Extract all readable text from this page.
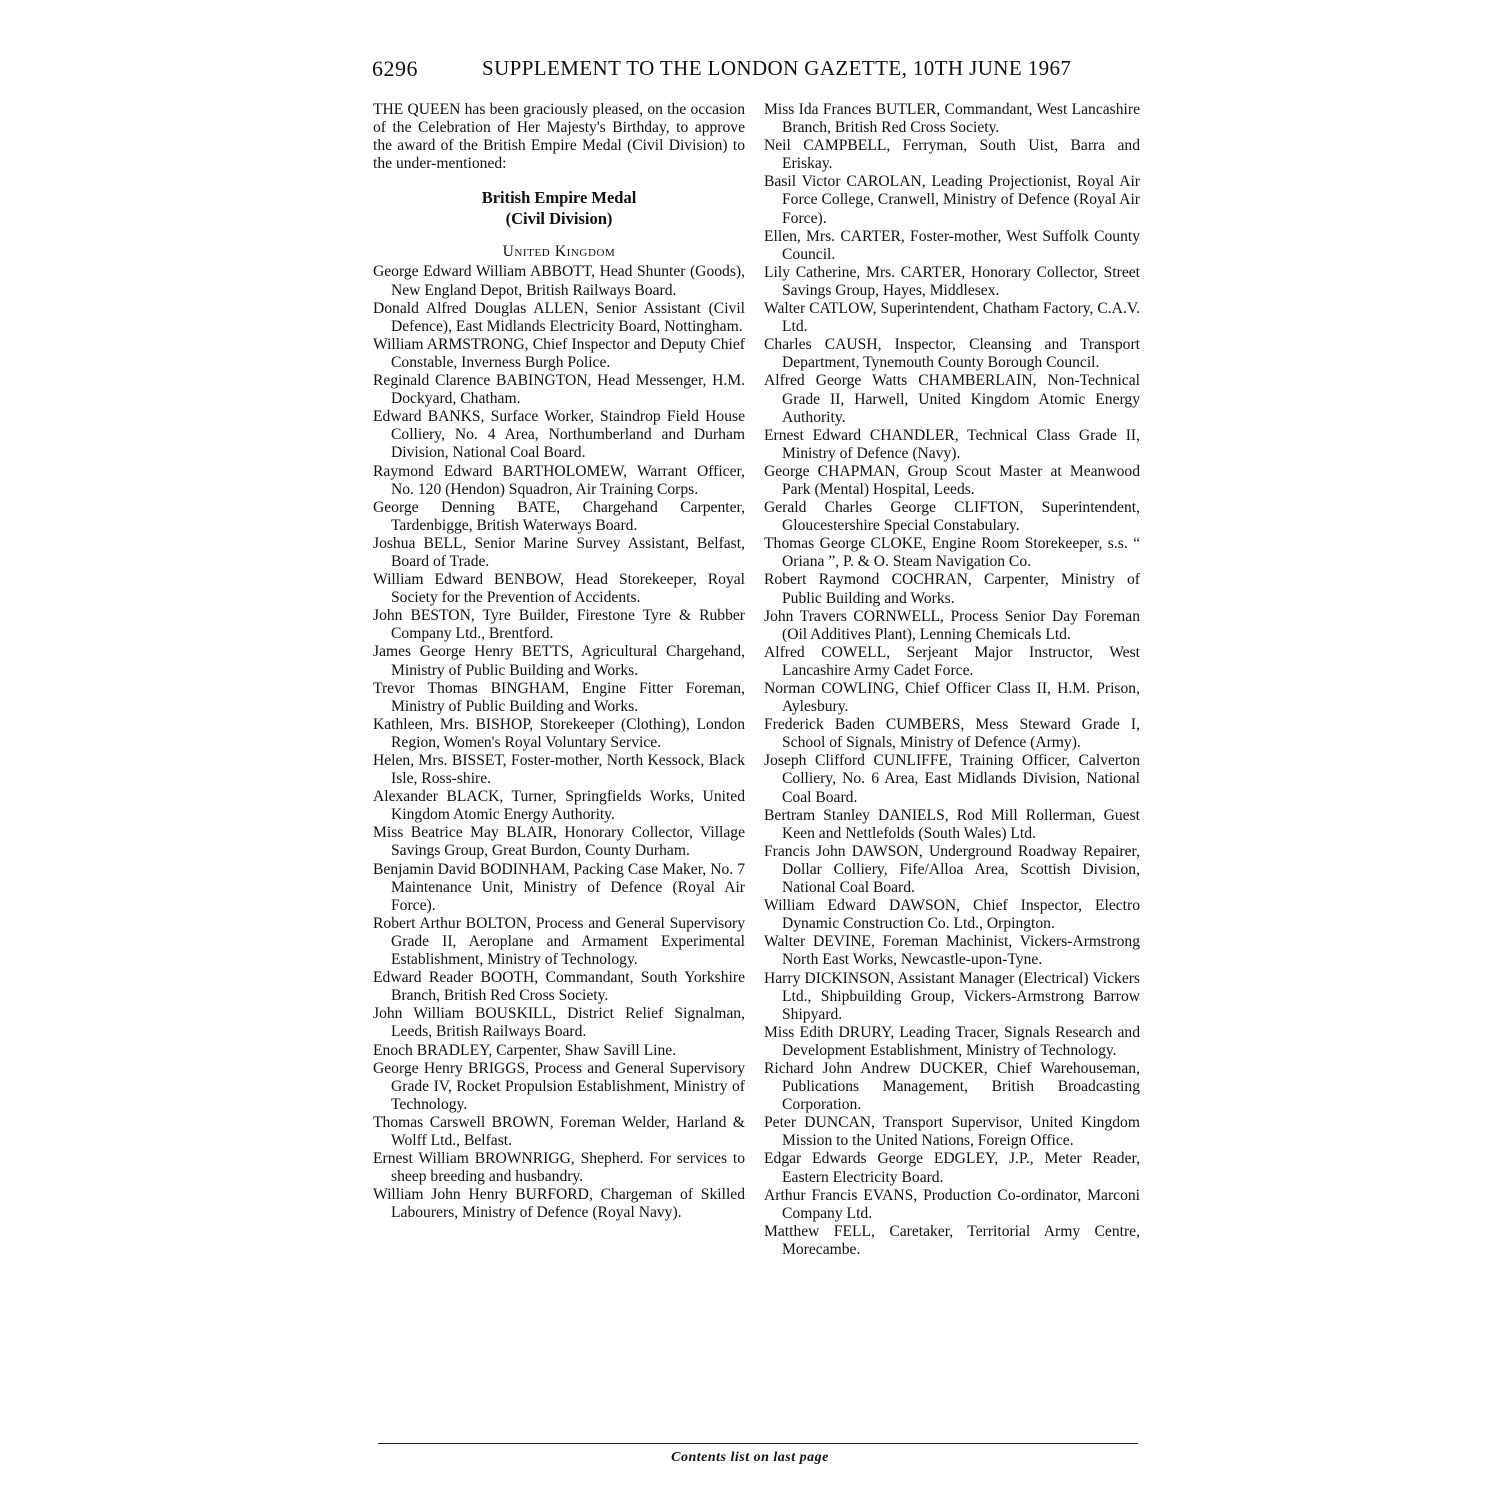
6296	SUPPLEMENT TO THE LONDON GAZETTE, 10TH JUNE 1967

THE QUEEN has been graciously pleased, on the occasion of the Celebration of Her Majesty's Birthday, to approve the award of the British Empire Medal (Civil Division) to the under-mentioned:

British Empire Medal
(Civil Division)
United Kingdom

George Edward William ABBOTT, Head Shunter (Goods), New England Depot, British Railways Board.

Donald Alfred Douglas ALLEN, Senior Assistant (Civil Defence), East Midlands Electricity Board, Nottingham.

William ARMSTRONG, Chief Inspector and Deputy Chief Constable, Inverness Burgh Police.

Reginald Clarence BABINGTON, Head Messenger, H.M. Dockyard, Chatham.

Edward BANKS, Surface Worker, Staindrop Field House Colliery, No. 4 Area, Northumberland and Durham Division, National Coal Board.

Raymond Edward BARTHOLOMEW, Warrant Officer, No. 120 (Hendon) Squadron, Air Training Corps.

George Denning BATE, Chargehand Carpenter, Tardenbigge, British Waterways Board.

Joshua BELL, Senior Marine Survey Assistant, Belfast, Board of Trade.

William Edward BENBOW, Head Storekeeper, Royal Society for the Prevention of Accidents.

John BESTON, Tyre Builder, Firestone Tyre & Rubber Company Ltd., Brentford.

James George Henry BETTS, Agricultural Chargehand, Ministry of Public Building and Works.

Trevor Thomas BINGHAM, Engine Fitter Foreman, Ministry of Public Building and Works.

Kathleen, Mrs. BISHOP, Storekeeper (Clothing), London Region, Women's Royal Voluntary Service.

Helen, Mrs. BISSET, Foster-mother, North Kessock, Black Isle, Ross-shire.

Alexander BLACK, Turner, Springfields Works, United Kingdom Atomic Energy Authority.

Miss Beatrice May BLAIR, Honorary Collector, Village Savings Group, Great Burdon, County Durham.

Benjamin David BODINHAM, Packing Case Maker, No. 7 Maintenance Unit, Ministry of Defence (Royal Air Force).

Robert Arthur BOLTON, Process and General Supervisory Grade II, Aeroplane and Armament Experimental Establishment, Ministry of Technology.

Edward Reader BOOTH, Commandant, South Yorkshire Branch, British Red Cross Society.

John William BOUSKILL, District Relief Signalman, Leeds, British Railways Board.

Enoch BRADLEY, Carpenter, Shaw Savill Line.

George Henry BRIGGS, Process and General Supervisory Grade IV, Rocket Propulsion Establishment, Ministry of Technology.

Thomas Carswell BROWN, Foreman Welder, Harland & Wolff Ltd., Belfast.

Ernest William BROWNRIGG, Shepherd. For services to sheep breeding and husbandry.

William John Henry BURFORD, Chargeman of Skilled Labourers, Ministry of Defence (Royal Navy).

Miss Ida Frances BUTLER, Commandant, West Lancashire Branch, British Red Cross Society.

Neil CAMPBELL, Ferryman, South Uist, Barra and Eriskay.

Basil Victor CAROLAN, Leading Projectionist, Royal Air Force College, Cranwell, Ministry of Defence (Royal Air Force).

Ellen, Mrs. CARTER, Foster-mother, West Suffolk County Council.

Lily Catherine, Mrs. CARTER, Honorary Collector, Street Savings Group, Hayes, Middlesex.

Walter CATLOW, Superintendent, Chatham Factory, C.A.V. Ltd.

Charles CAUSH, Inspector, Cleansing and Transport Department, Tynemouth County Borough Council.

Alfred George Watts CHAMBERLAIN, Non-Technical Grade II, Harwell, United Kingdom Atomic Energy Authority.

Ernest Edward CHANDLER, Technical Class Grade II, Ministry of Defence (Navy).

George CHAPMAN, Group Scout Master at Meanwood Park (Mental) Hospital, Leeds.

Gerald Charles George CLIFTON, Superintendent, Gloucestershire Special Constabulary.

Thomas George CLOKE, Engine Room Storekeeper, s.s. “ Oriana ”, P. & O. Steam Navigation Co.

Robert Raymond COCHRAN, Carpenter, Ministry of Public Building and Works.

John Travers CORNWELL, Process Senior Day Foreman (Oil Additives Plant), Lenning Chemicals Ltd.

Alfred COWELL, Serjeant Major Instructor, West Lancashire Army Cadet Force.

Norman COWLING, Chief Officer Class II, H.M. Prison, Aylesbury.

Frederick Baden CUMBERS, Mess Steward Grade I, School of Signals, Ministry of Defence (Army).

Joseph Clifford CUNLIFFE, Training Officer, Calverton Colliery, No. 6 Area, East Midlands Division, National Coal Board.

Bertram Stanley DANIELS, Rod Mill Rollerman, Guest Keen and Nettlefolds (South Wales) Ltd.

Francis John DAWSON, Underground Roadway Repairer, Dollar Colliery, Fife/Alloa Area, Scottish Division, National Coal Board.

William Edward DAWSON, Chief Inspector, Electro Dynamic Construction Co. Ltd., Orpington.

Walter DEVINE, Foreman Machinist, Vickers-Armstrong North East Works, Newcastle-upon-Tyne.

Harry DICKINSON, Assistant Manager (Electrical) Vickers Ltd., Shipbuilding Group, Vickers-Armstrong Barrow Shipyard.

Miss Edith DRURY, Leading Tracer, Signals Research and Development Establishment, Ministry of Technology.

Richard John Andrew DUCKER, Chief Warehouseman, Publications Management, British Broadcasting Corporation.

Peter DUNCAN, Transport Supervisor, United Kingdom Mission to the United Nations, Foreign Office.

Edgar Edwards George EDGLEY, J.P., Meter Reader, Eastern Electricity Board.

Arthur Francis EVANS, Production Co-ordinator, Marconi Company Ltd.

Matthew FELL, Caretaker, Territorial Army Centre, Morecambe.

Contents list on last page
